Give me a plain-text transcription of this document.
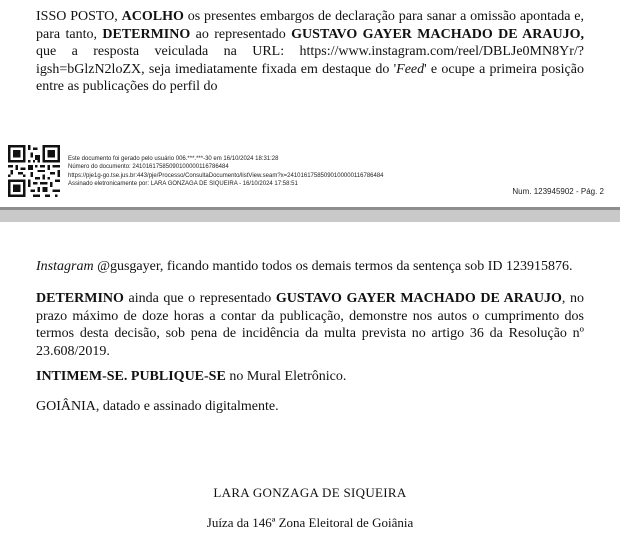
ISSO POSTO, ACOLHO os presentes embargos de declaração para sanar a omissão apontada e, para tanto, DETERMINO ao representado GUSTAVO GAYER MACHADO DE ARAUJO, que a resposta veiculada na URL: https://www.instagram.com/reel/DBLJe0MN8Yr/?igsh=bGlzN2loZX, seja imediatamente fixada em destaque do 'Feed' e ocupe a primeira posição entre as publicações do perfil do

Este documento foi gerado pelo usuário 006.***.***-30 em 16/10/2024 18:31:28
Número do documento: 24101617585090100000116786484
https://pje1g-go.tse.jus.br:443/pje/Processo/ConsultaDocumento/listView.seam?x=24101617585090100000116786484
Assinado eletronicamente por: LARA GONZAGA DE SIQUEIRA - 16/10/2024 17:58:51
Num. 123945902 - Pág. 2

Instagram @gusgayer, ficando mantido todos os demais termos da sentença sob ID 123915876.

DETERMINO ainda que o representado GUSTAVO GAYER MACHADO DE ARAUJO, no prazo máximo de doze horas a contar da publicação, demonstre nos autos o cumprimento dos termos desta decisão, sob pena de incidência da multa prevista no artigo 36 da Resolução nº 23.608/2019.

INTIMEM-SE. PUBLIQUE-SE no Mural Eletrônico.

GOIÂNIA, datado e assinado digitalmente.

LARA GONZAGA DE SIQUEIRA
Juíza da 146ª Zona Eleitoral de Goiânia
